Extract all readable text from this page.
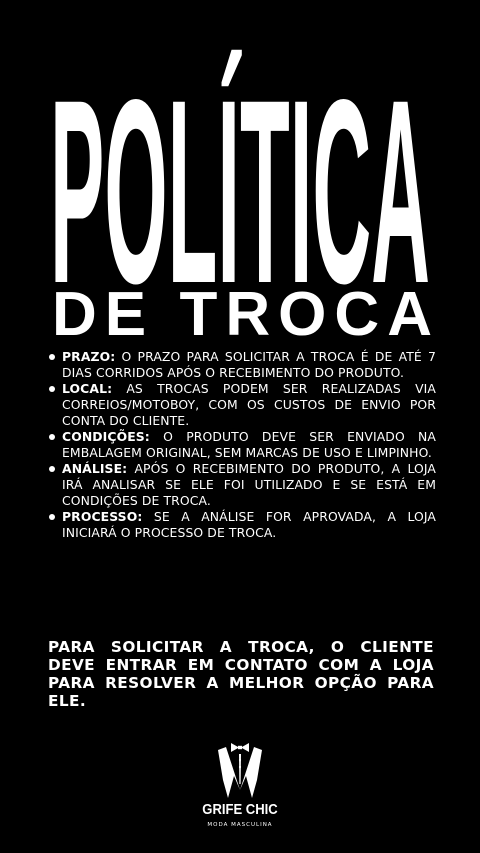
POLÍTICA
DE TROCA
PRAZO: O PRAZO PARA SOLICITAR A TROCA É DE ATÉ 7 DIAS CORRIDOS APÓS O RECEBIMENTO DO PRODUTO.
LOCAL: AS TROCAS PODEM SER REALIZADAS VIA CORREIOS/MOTOBOY, COM OS CUSTOS DE ENVIO POR CONTA DO CLIENTE.
CONDIÇÕES: O PRODUTO DEVE SER ENVIADO NA EMBALAGEM ORIGINAL, SEM MARCAS DE USO E LIMPINHO.
ANÁLISE: APÓS O RECEBIMENTO DO PRODUTO, A LOJA IRÁ ANALISAR SE ELE FOI UTILIZADO E SE ESTÁ EM CONDIÇÕES DE TROCA.
PROCESSO: SE A ANÁLISE FOR APROVADA, A LOJA INICIARÁ O PROCESSO DE TROCA.

PARA SOLICITAR A TROCA, O CLIENTE DEVE ENTRAR EM CONTATO COM A LOJA PARA RESOLVER A MELHOR OPÇÃO PARA ELE.

GRIFE CHIC

MODA MASCULINA
